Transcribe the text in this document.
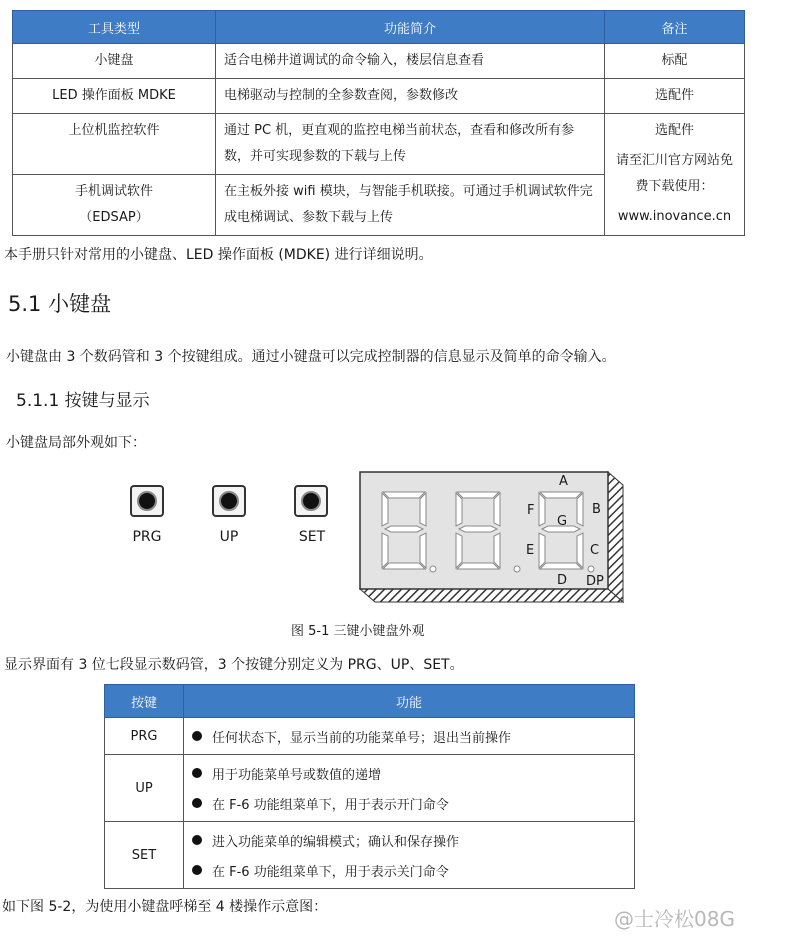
工具类型	功能简介	备注
小键盘	适合电梯井道调试的命令输入，楼层信息查看	标配
LED 操作面板 MDKE	电梯驱动与控制的全参数查阅，参数修改	选配件
上位机监控软件	通过 PC 机，更直观的监控电梯当前状态，查看和修改所有参数，并可实现参数的下载与上传	选配件
请至汇川官方网站免费下载使用：
www.inovance.cn

手机调试软件
（EDSAP）	在主板外接 wifi 模块，与智能手机联接。可通过手机调试软件完成电梯调试、参数下载与上传	
本手册只针对常用的小键盘、LED 操作面板 (MDKE) 进行详细说明。
5.1 小键盘
小键盘由 3 个数码管和 3 个按键组成。通过小键盘可以完成控制器的信息显示及简单的命令输入。
5.1.1 按键与显示
小键盘局部外观如下：
PRG	UP	SET
A
B
C
D
E
F
G
DP
图 5-1 三键小键盘外观
显示界面有 3 位七段显示数码管，3 个按键分别定义为 PRG、UP、SET。
按键	功能
PRG	任何状态下，显示当前的功能菜单号；退出当前操作

UP	用于功能菜单号或数值的递增
在 F-6 功能组菜单下，用于表示开门命令

SET	进入功能菜单的编辑模式；确认和保存操作
在 F-6 功能组菜单下，用于表示关门命令
如下图 5-2，为使用小键盘呼梯至 4 楼操作示意图：	@士冷松08G
